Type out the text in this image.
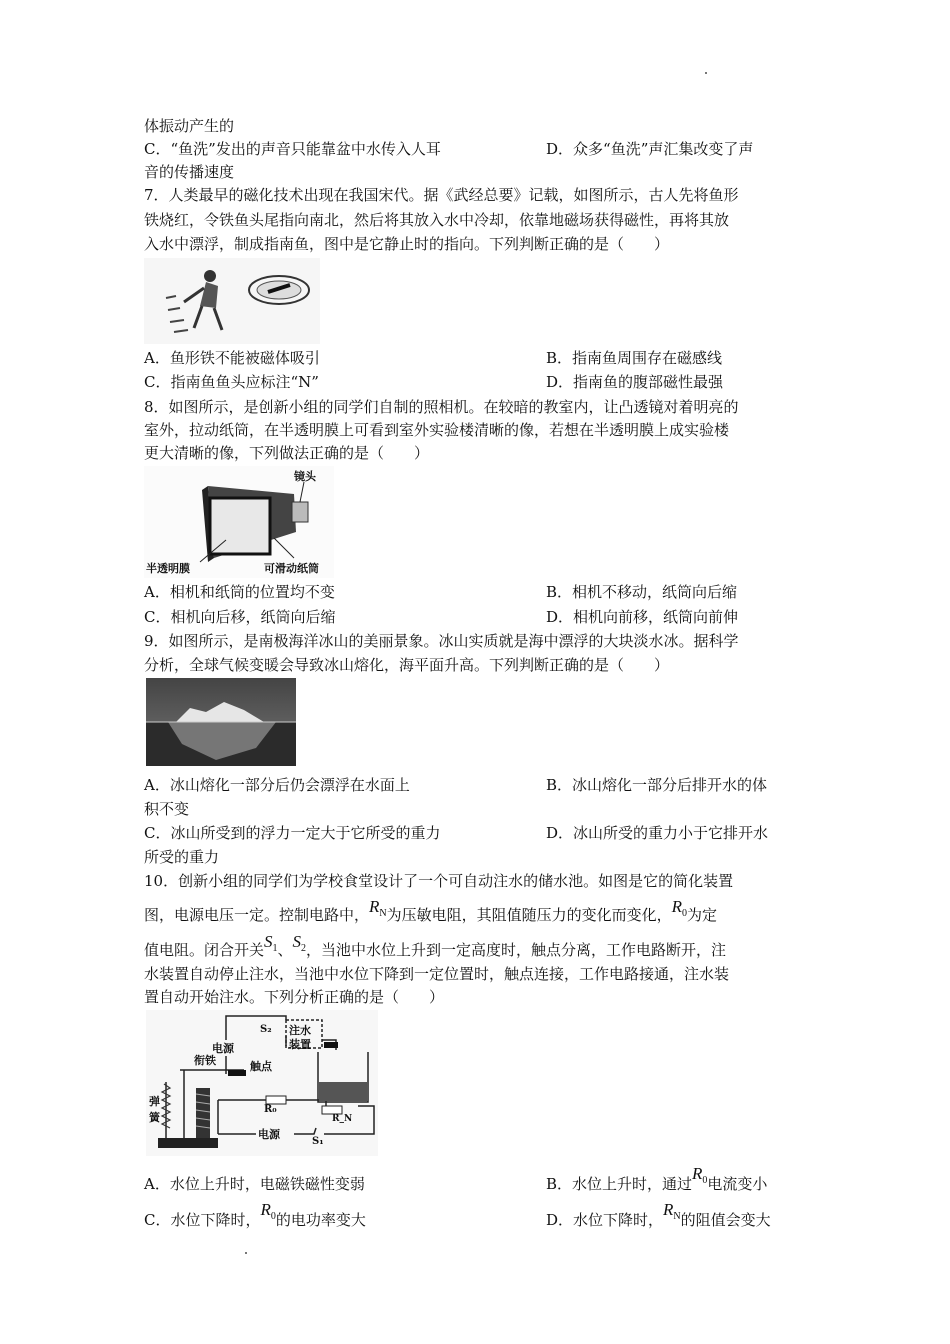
体振动产生的
C．“鱼洗”发出的声音只能靠盆中水传入人耳	D．众多“鱼洗”声汇集改变了声
音的传播速度
7．人类最早的磁化技术出现在我国宋代。据《武经总要》记载，如图所示，古人先将鱼形
铁烧红，令铁鱼头尾指向南北，然后将其放入水中冷却，依靠地磁场获得磁性，再将其放
入水中漂浮，制成指南鱼，图中是它静止时的指向。下列判断正确的是（　　）
A．鱼形铁不能被磁体吸引	B．指南鱼周围存在磁感线
C．指南鱼鱼头应标注“N”	D．指南鱼的腹部磁性最强
8．如图所示，是创新小组的同学们自制的照相机。在较暗的教室内，让凸透镜对着明亮的
室外，拉动纸筒，在半透明膜上可看到室外实验楼清晰的像，若想在半透明膜上成实验楼
更大清晰的像，下列做法正确的是（　　）
镜头
半透明膜	可滑动纸筒
A．相机和纸筒的位置均不变	B．相机不移动，纸筒向后缩
C．相机向后移，纸筒向后缩	D．相机向前移，纸筒向前伸
9．如图所示，是南极海洋冰山的美丽景象。冰山实质就是海中漂浮的大块淡水冰。据科学
分析，全球气候变暖会导致冰山熔化，海平面升高。下列判断正确的是（　　）
A．冰山熔化一部分后仍会漂浮在水面上	B．冰山熔化一部分后排开水的体
积不变
C．冰山所受到的浮力一定大于它所受的重力	D．冰山所受的重力小于它排开水
所受的重力
10．创新小组的同学们为学校食堂设计了一个可自动注水的储水池。如图是它的简化装置
图，电源电压一定。控制电路中，$R_N$为压敏电阻，其阻值随压力的变化而变化，$R_0$为定
值电阻。闭合开关$S_1$、$S_2$，当池中水位上升到一定高度时，触点分离，工作电路断开，注
水装置自动停止注水，当池中水位下降到一定位置时，触点连接，工作电路接通，注水装
置自动开始注水。下列分析正确的是（　　）
S₂ 注水
装置
电源
触点
衔铁
弹簧
R₀
R_N
电源
S₁
A．水位上升时，电磁铁磁性变弱	B．水位上升时，通过$R_0$电流变小
C．水位下降时，$R_0$的电功率变大	D．水位下降时，$R_N$的阻值会变大
